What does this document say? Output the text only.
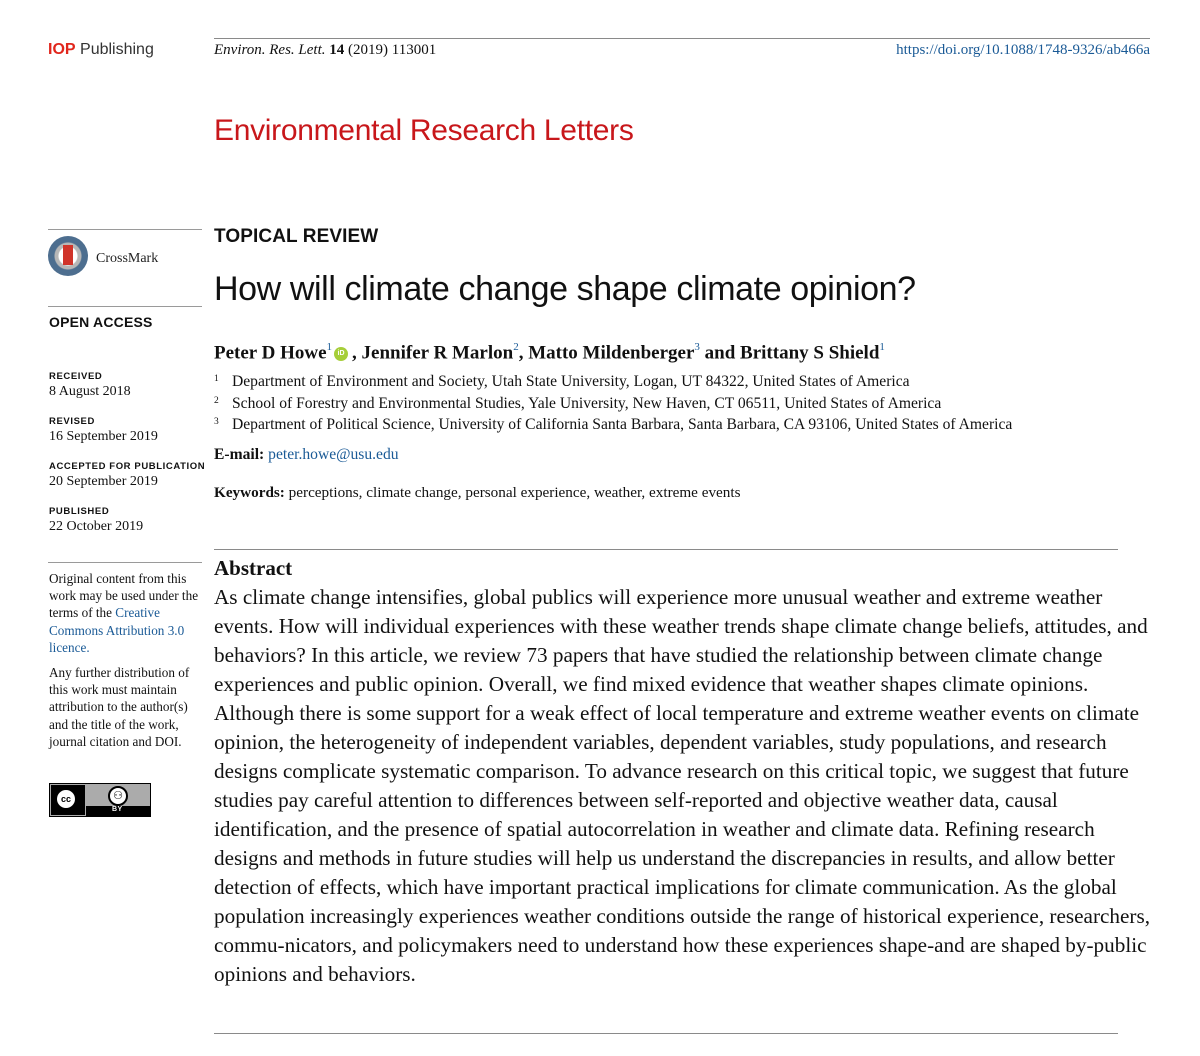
IOP Publishing	Environ. Res. Lett. 14 (2019) 113001	https://doi.org/10.1088/1748-9326/ab466a
Environmental Research Letters
CrossMark
OPEN ACCESS
RECEIVED
8 August 2018
REVISED
16 September 2019
ACCEPTED FOR PUBLICATION
20 September 2019
PUBLISHED
22 October 2019
Original content from this work may be used under the terms of the Creative Commons Attribution 3.0 licence.
Any further distribution of this work must maintain attribution to the author(s) and the title of the work, journal citation and DOI.
cc	⚇
BY
TOPICAL REVIEW
How will climate change shape climate opinion?
Peter D Howe$^1$iD , Jennifer R Marlon$^2$, Matto Mildenberger$^3$ and Brittany S Shield$^1$
1 Department of Environment and Society, Utah State University, Logan, UT 84322, United States of America
2 School of Forestry and Environmental Studies, Yale University, New Haven, CT 06511, United States of America
3 Department of Political Science, University of California Santa Barbara, Santa Barbara, CA 93106, United States of America
E-mail: peter.howe@usu.edu
Keywords: perceptions, climate change, personal experience, weather, extreme events
Abstract
As climate change intensifies, global publics will experience more unusual weather and extreme weather events. How will individual experiences with these weather trends shape climate change beliefs, attitudes, and behaviors? In this article, we review 73 papers that have studied the relationship between climate change experiences and public opinion. Overall, we find mixed evidence that weather shapes climate opinions. Although there is some support for a weak effect of local temperature and extreme weather events on climate opinion, the heterogeneity of independent variables, dependent variables, study populations, and research designs complicate systematic comparison. To advance research on this critical topic, we suggest that future studies pay careful attention to differences between self-reported and objective weather data, causal identification, and the presence of spatial autocorrelation in weather and climate data. Refining research designs and methods in future studies will help us understand the discrepancies in results, and allow better detection of effects, which have important practical implications for climate communication. As the global population increasingly experiences weather conditions outside the range of historical experience, researchers, commu-nicators, and policymakers need to understand how these experiences shape-and are shaped by-public opinions and behaviors.
